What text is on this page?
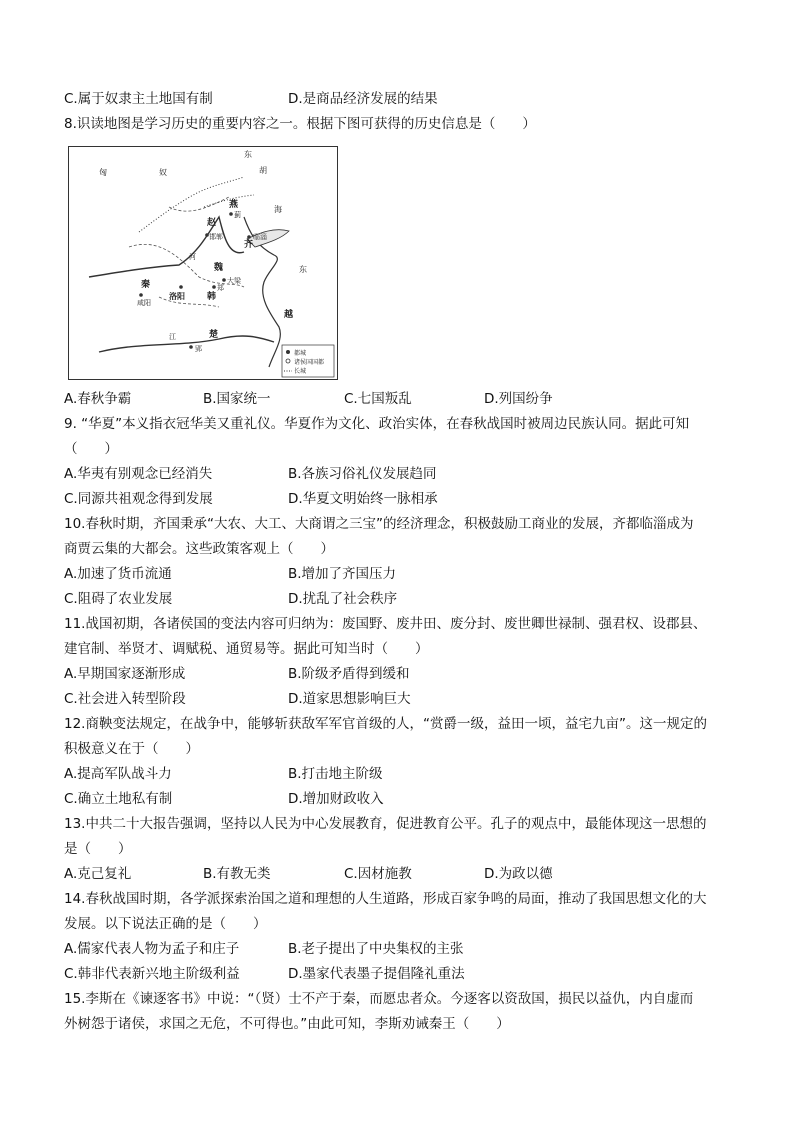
C.属于奴隶主土地国有制	D.是商品经济发展的结果
8.识读地图是学习历史的重要内容之一。根据下图可获得的历史信息是（　　）
匈	奴
东
胡
燕
赵
齐
魏
韩
秦
楚
越
海
东
江
河
蓟
邯郸	临淄
大梁
郑
洛阳
咸阳
郢
都城
诸侯国国都
长城
A.春秋争霸	B.国家统一	C.七国叛乱	D.列国纷争
9. “华夏”本义指衣冠华美又重礼仪。华夏作为文化、政治实体，在春秋战国时被周边民族认同。据此可知
（　　）
A.华夷有别观念已经消失	B.各族习俗礼仪发展趋同
C.同源共祖观念得到发展	D.华夏文明始终一脉相承
10.春秋时期，齐国秉承“大农、大工、大商谓之三宝”的经济理念，积极鼓励工商业的发展，齐都临淄成为
商贾云集的大都会。这些政策客观上（　　）
A.加速了货币流通	B.增加了齐国压力
C.阻碍了农业发展	D.扰乱了社会秩序
11.战国初期，各诸侯国的变法内容可归纳为：废国野、废井田、废分封、废世卿世禄制、强君权、设郡县、
建官制、举贤才、调赋税、通贸易等。据此可知当时（　　）
A.早期国家逐渐形成	B.阶级矛盾得到缓和
C.社会进入转型阶段	D.道家思想影响巨大
12.商鞅变法规定，在战争中，能够斩获敌军军官首级的人，“赏爵一级，益田一顷，益宅九亩”。这一规定的
积极意义在于（　　）
A.提高军队战斗力	B.打击地主阶级
C.确立土地私有制	D.增加财政收入
13.中共二十大报告强调，坚持以人民为中心发展教育，促进教育公平。孔子的观点中，最能体现这一思想的
是（　　）
A.克己复礼	B.有教无类	C.因材施教	D.为政以德
14.春秋战国时期，各学派探索治国之道和理想的人生道路，形成百家争鸣的局面，推动了我国思想文化的大
发展。以下说法正确的是（　　）
A.儒家代表人物为孟子和庄子	B.老子提出了中央集权的主张
C.韩非代表新兴地主阶级利益	D.墨家代表墨子提倡隆礼重法
15.李斯在《谏逐客书》中说：“（贤）士不产于秦，而愿忠者众。今逐客以资敌国，损民以益仇，内自虚而
外树怨于诸侯，求国之无危，不可得也。”由此可知，李斯劝诫秦王（　　）
